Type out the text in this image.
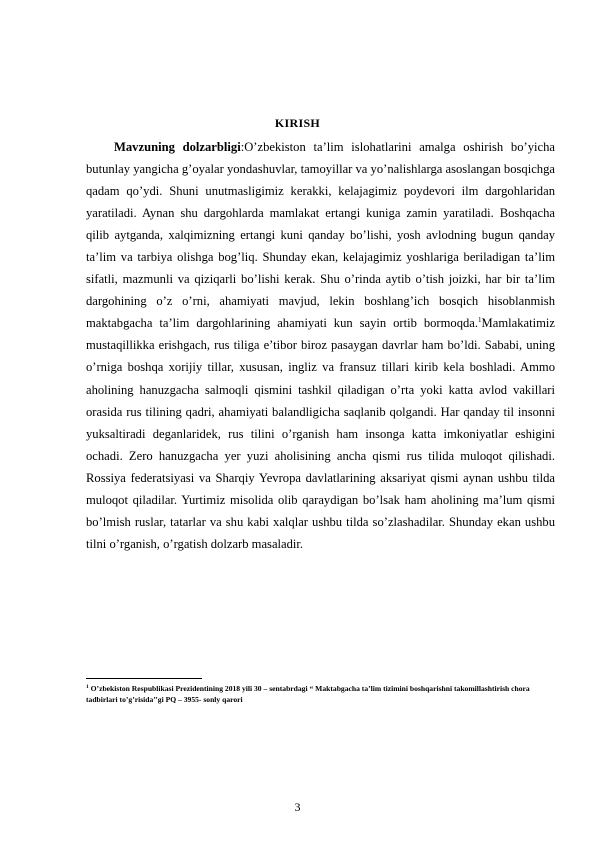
KIRISH

Mavzuning dolzarbligi:O’zbekiston ta’lim islohatlarini amalga oshirish bo’yicha butunlay yangicha g’oyalar yondashuvlar, tamoyillar va yo’nalishlarga asoslangan bosqichga qadam qo’ydi. Shuni unutmasligimiz kerakki, kelajagimiz poydevori ilm dargohlaridan yaratiladi. Aynan shu dargohlarda mamlakat ertangi kuniga zamin yaratiladi. Boshqacha qilib aytganda, xalqimizning ertangi kuni qanday bo’lishi, yosh avlodning bugun qanday ta’lim va tarbiya olishga bog’liq. Shunday ekan, kelajagimiz yoshlariga beriladigan ta’lim sifatli, mazmunli va qiziqarli bo’lishi kerak. Shu o’rinda aytib o’tish joizki, har bir ta’lim dargohining o’z o’rni, ahamiyati mavjud, lekin boshlang’ich bosqich hisoblanmish maktabgacha ta’lim dargohlarining ahamiyati kun sayin ortib bormoqda.$^1$Mamlakatimiz mustaqillikka erishgach, rus tiliga e’tibor biroz pasaygan davrlar ham bo’ldi. Sababi, uning o’rniga boshqa xorijiy tillar, xususan, ingliz va fransuz tillari kirib kela boshladi. Ammo aholining hanuzgacha salmoqli qismini tashkil qiladigan o’rta yoki katta avlod vakillari orasida rus tilining qadri, ahamiyati balandligicha saqlanib qolgandi. Har qanday til insonni yuksaltiradi deganlaridek, rus tilini o’rganish ham insonga katta imkoniyatlar eshigini ochadi. Zero hanuzgacha yer yuzi aholisining ancha qismi rus tilida muloqot qilishadi. Rossiya federatsiyasi va Sharqiy Yevropa davlatlarining aksariyat qismi aynan ushbu tilda muloqot qiladilar. Yurtimiz misolida olib qaraydigan bo’lsak ham aholining ma’lum qismi bo’lmish ruslar, tatarlar va shu kabi xalqlar ushbu tilda so’zlashadilar. Shunday ekan ushbu tilni o’rganish, o’rgatish dolzarb masaladir.

$^1$ O’zbekiston Respublikasi Prezidentining 2018 yili 30 – sentabrdagi “ Maktabgacha ta’lim tizimini boshqarishni takomillashtirish chora tadbirlari to’g’risida’’gi PQ – 3955- sonly qarori
3
